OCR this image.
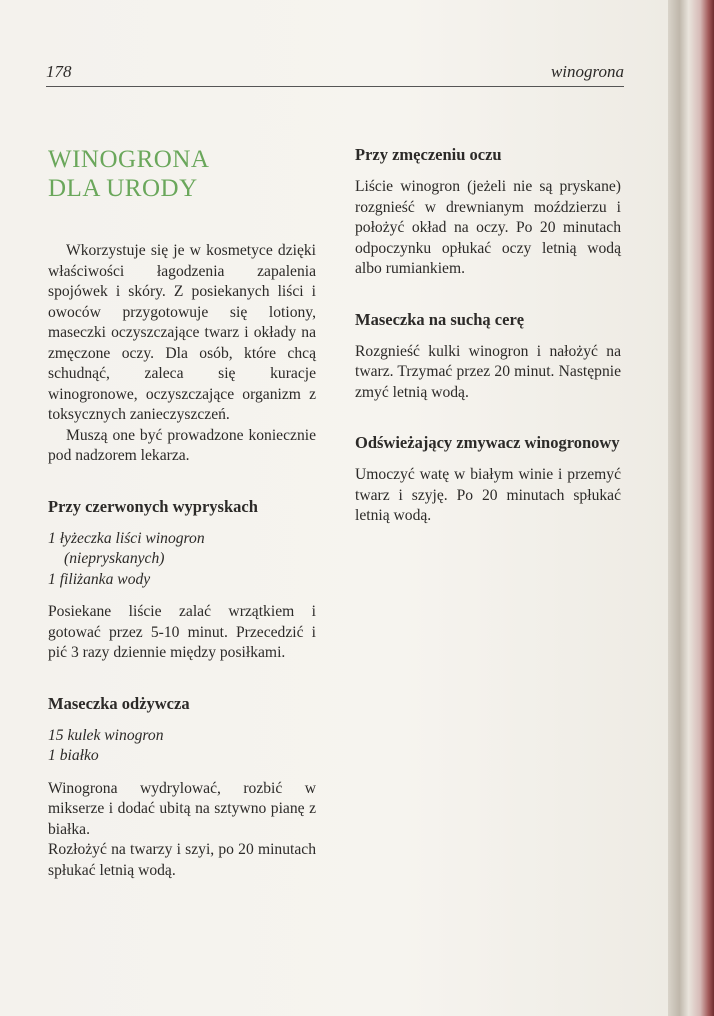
178	winogrona
WINOGRONA
DLA URODY

Wkorzystuje się je w kosmetyce dzięki właściwości łagodzenia zapalenia spojówek i skóry. Z posiekanych liści i owoców przygotowuje się lotiony, maseczki oczyszczające twarz i okłady na zmęczone oczy. Dla osób, które chcą schudnąć, zaleca się kuracje winogronowe, oczyszczające organizm z toksycznych zanieczyszczeń.

Muszą one być prowadzone koniecznie pod nadzorem lekarza.

Przy czerwonych wypryskach

1 łyżeczka liści winogron

(niepryskanych)

1 filiżanka wody

Posiekane liście zalać wrzątkiem i gotować przez 5-10 minut. Przecedzić i pić 3 razy dziennie między posiłkami.

Maseczka odżywcza

15 kulek winogron

1 białko

Winogrona wydrylować, rozbić w mikserze i dodać ubitą na sztywno pianę z białka.

Rozłożyć na twarzy i szyi, po 20 minutach spłukać letnią wodą.

Przy zmęczeniu oczu

Liście winogron (jeżeli nie są pryskane) rozgnieść w drewnianym moździerzu i położyć okład na oczy. Po 20 minutach odpoczynku opłukać oczy letnią wodą albo rumiankiem.

Maseczka na suchą cerę

Rozgnieść kulki winogron i nałożyć na twarz. Trzymać przez 20 minut. Następnie zmyć letnią wodą.

Odświeżający zmywacz winogronowy

Umoczyć watę w białym winie i przemyć twarz i szyję. Po 20 minutach spłukać letnią wodą.
